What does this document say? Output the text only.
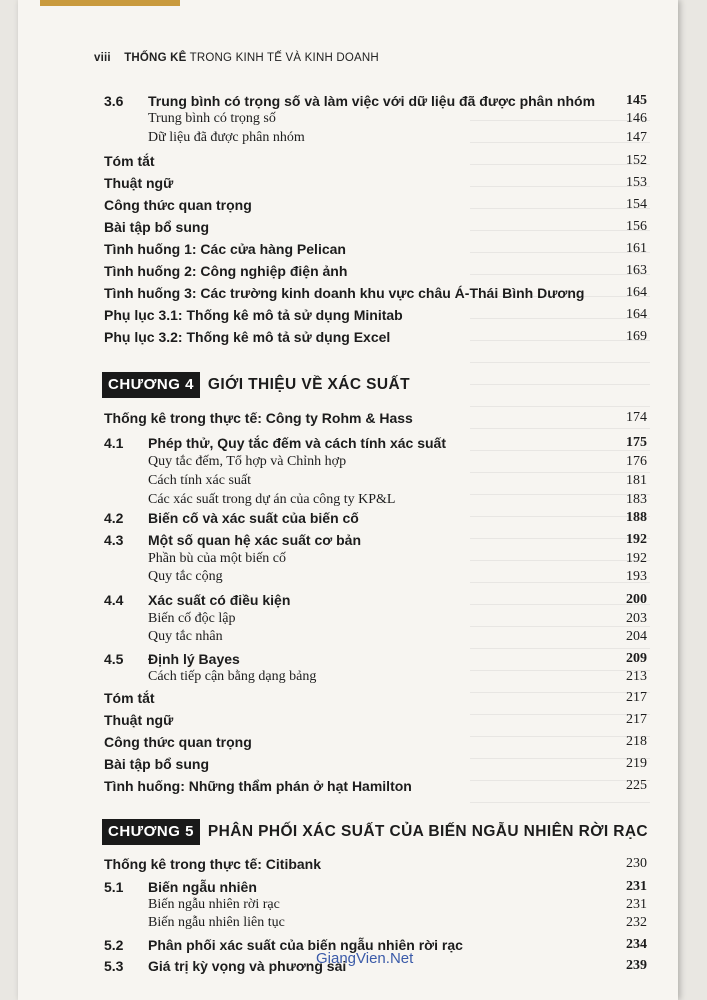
viii THỐNG KÊ TRONG KINH TẾ VÀ KINH DOANH
3.6 Trung bình có trọng số và làm việc với dữ liệu đã được phân nhóm 145
Trung bình có trọng số	146
Dữ liệu đã được phân nhóm	147
Tóm tắt	152
Thuật ngữ	153
Công thức quan trọng	154
Bài tập bổ sung	156
Tình huống 1: Các cửa hàng Pelican	161
Tình huống 2: Công nghiệp điện ảnh	163
Tình huống 3: Các trường kinh doanh khu vực châu Á-Thái Bình Dương	164
Phụ lục 3.1: Thống kê mô tả sử dụng Minitab	164
Phụ lục 3.2: Thống kê mô tả sử dụng Excel	169
CHƯƠNG 4 GIỚI THIỆU VỀ XÁC SUẤT
Thống kê trong thực tế: Công ty Rohm & Hass	174
4.1 Phép thử, Quy tắc đếm và cách tính xác suất	175
Quy tắc đếm, Tổ hợp và Chỉnh hợp	176
Cách tính xác suất	181
Các xác suất trong dự án của công ty KP&L	183
4.2 Biến cố và xác suất của biến cố	188
4.3 Một số quan hệ xác suất cơ bản	192
Phần bù của một biến cố	192
Quy tắc cộng	193
4.4 Xác suất có điều kiện	200
Biến cố độc lập	203
Quy tắc nhân	204
4.5 Định lý Bayes	209
Cách tiếp cận bằng dạng bảng	213
Tóm tắt	217
Thuật ngữ	217
Công thức quan trọng	218
Bài tập bổ sung	219
Tình huống: Những thẩm phán ở hạt Hamilton	225
CHƯƠNG 5 PHÂN PHỐI XÁC SUẤT CỦA BIẾN NGẪU NHIÊN RỜI RẠC
Thống kê trong thực tế: Citibank	230
5.1 Biến ngẫu nhiên	231
Biến ngẫu nhiên rời rạc	231
Biến ngẫu nhiên liên tục	232
5.2 Phân phối xác suất của biến ngẫu nhiên rời rạc	234
5.3 Giá trị kỳ vọng và phương sai	239
GiangVien.Net
